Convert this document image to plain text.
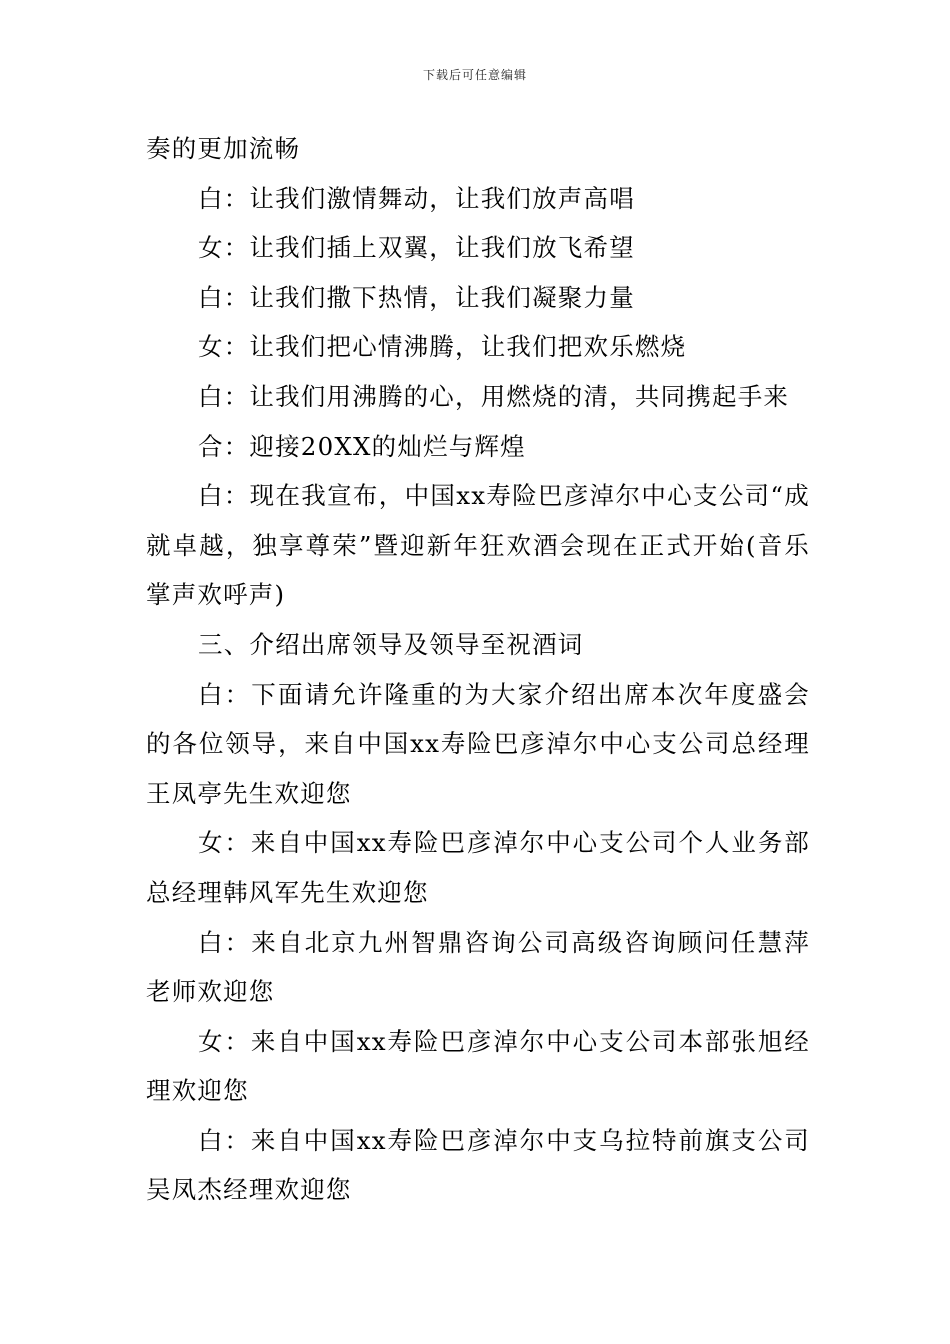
下载后可任意编辑

奏的更加流畅

白：让我们激情舞动，让我们放声高唱

女：让我们插上双翼，让我们放飞希望

白：让我们撒下热情，让我们凝聚力量

女：让我们把心情沸腾，让我们把欢乐燃烧

白：让我们用沸腾的心，用燃烧的清，共同携起手来

合：迎接20XX的灿烂与辉煌

白：现在我宣布，中国xx寿险巴彦淖尔中心支公司“成就卓越，独享尊荣”暨迎新年狂欢酒会现在正式开始(音乐掌声欢呼声)

三、介绍出席领导及领导至祝酒词

白：下面请允许隆重的为大家介绍出席本次年度盛会的各位领导，来自中国xx寿险巴彦淖尔中心支公司总经理王凤亭先生欢迎您

女：来自中国xx寿险巴彦淖尔中心支公司个人业务部总经理韩风军先生欢迎您

白：来自北京九州智鼎咨询公司高级咨询顾问任慧萍老师欢迎您

女：来自中国xx寿险巴彦淖尔中心支公司本部张旭经理欢迎您

白：来自中国xx寿险巴彦淖尔中支乌拉特前旗支公司吴凤杰经理欢迎您
